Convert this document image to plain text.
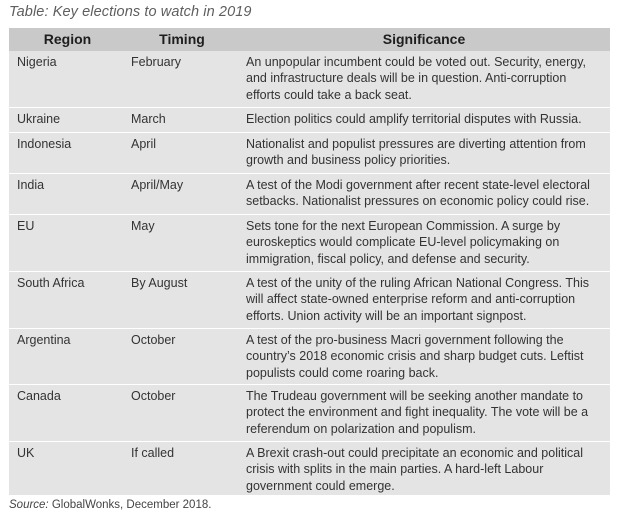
Table: Key elections to watch in 2019
Region	Timing	Significance
Nigeria	February	An unpopular incumbent could be voted out. Security, energy,
and infrastructure deals will be in question. Anti-corruption
efforts could take a back seat.
Ukraine	March	Election politics could amplify territorial disputes with Russia.
Indonesia	April	Nationalist and populist pressures are diverting attention from
growth and business policy priorities.
India	April/May	A test of the Modi government after recent state-level electoral
setbacks. Nationalist pressures on economic policy could rise.
EU	May	Sets tone for the next European Commission. A surge by
euroskeptics would complicate EU-level policymaking on
immigration, fiscal policy, and defense and security.
South Africa	By August	A test of the unity of the ruling African National Congress. This
will affect state-owned enterprise reform and anti-corruption
efforts. Union activity will be an important signpost.
Argentina	October	A test of the pro-business Macri government following the
country’s 2018 economic crisis and sharp budget cuts. Leftist
populists could come roaring back.
Canada	October	The Trudeau government will be seeking another mandate to
protect the environment and fight inequality. The vote will be a
referendum on polarization and populism.
UK	If called	A Brexit crash-out could precipitate an economic and political
crisis with splits in the main parties. A hard-left Labour
government could emerge.
Source: GlobalWonks, December 2018.
